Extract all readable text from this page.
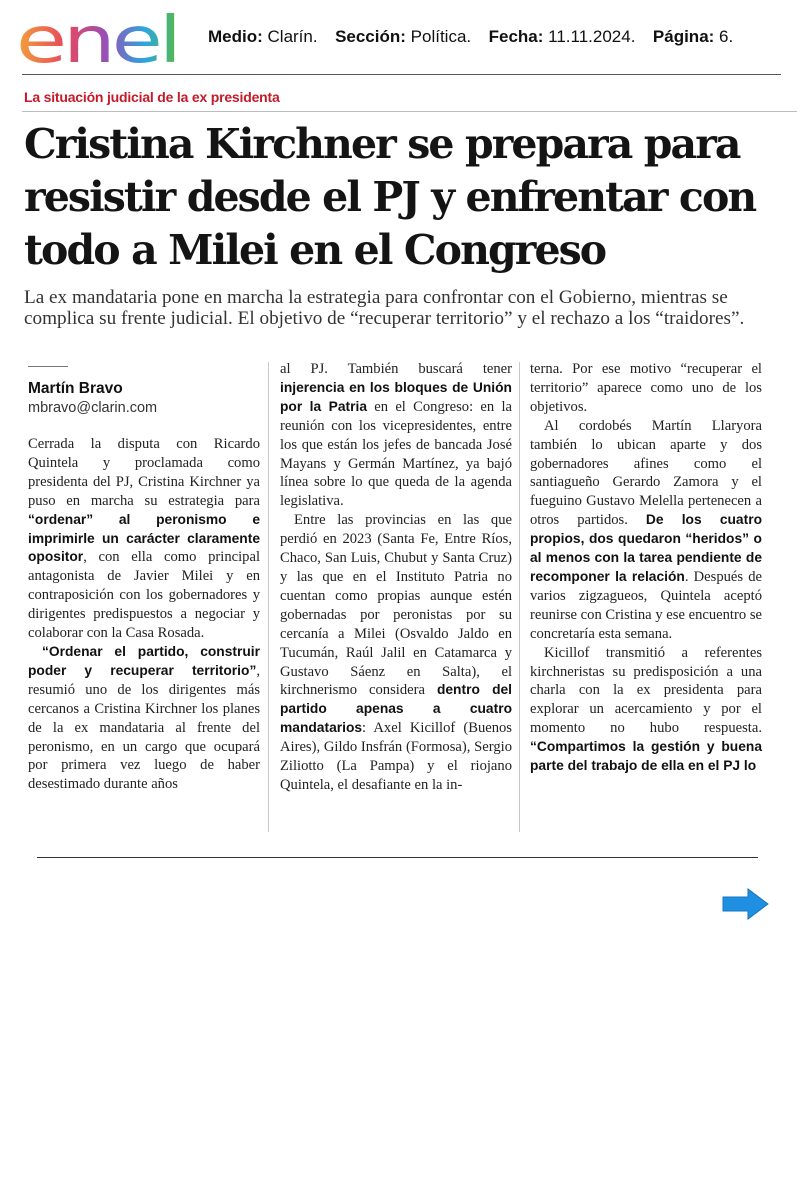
enel Medio: Clarín. Sección: Política. Fecha: 11.11.2024. Página: 6.
La situación judicial de la ex presidenta
Cristina Kirchner se prepara para resistir desde el PJ y enfrentar con todo a Milei en el Congreso

La ex mandataria pone en marcha la estrategia para confrontar con el Gobierno, mientras se complica su frente judicial. El objetivo de “recuperar territorio” y el rechazo a los “traidores”.

Martín Bravo
mbravo@clarin.com

Cerrada la disputa con Ricardo Quintela y proclamada como presidenta del PJ, Cristina Kirchner ya puso en marcha su estrategia para “ordenar” al peronismo e imprimirle un carácter claramente opositor, con ella como principal antagonista de Javier Milei y en contraposición con los gobernadores y dirigentes predispuestos a negociar y colaborar con la Casa Rosada.

“Ordenar el partido, construir poder y recuperar territorio”, resumió uno de los dirigentes más cercanos a Cristina Kirchner los planes de la ex mandataria al frente del peronismo, en un cargo que ocupará por primera vez luego de haber desestimado durante años

al PJ. También buscará tener injerencia en los bloques de Unión por la Patria en el Congreso: en la reunión con los vicepresidentes, entre los que están los jefes de bancada José Mayans y Germán Martínez, ya bajó línea sobre lo que queda de la agenda legislativa.

Entre las provincias en las que perdió en 2023 (Santa Fe, Entre Ríos, Chaco, San Luis, Chubut y Santa Cruz) y las que en el Instituto Patria no cuentan como propias aunque estén gobernadas por peronistas por su cercanía a Milei (Osvaldo Jaldo en Tucumán, Raúl Jalil en Catamarca y Gustavo Sáenz en Salta), el kirchnerismo considera dentro del partido apenas a cuatro mandatarios: Axel Kicillof (Buenos Aires), Gildo Insfrán (Formosa), Sergio Ziliotto (La Pampa) y el riojano Quintela, el desafiante en la in-

terna. Por ese motivo “recuperar el territorio” aparece como uno de los objetivos.

Al cordobés Martín Llaryora también lo ubican aparte y dos gobernadores afines como el santiagueño Gerardo Zamora y el fueguino Gustavo Melella pertenecen a otros partidos. De los cuatro propios, dos quedaron “heridos” o al menos con la tarea pendiente de recomponer la relación. Después de varios zigzagueos, Quintela aceptó reunirse con Cristina y ese encuentro se concretaría esta semana.

Kicillof transmitió a referentes kirchneristas su predisposición a una charla con la ex presidenta para explorar un acercamiento y por el momento no hubo respuesta. “Compartimos la gestión y buena parte del trabajo de ella en el PJ lo
